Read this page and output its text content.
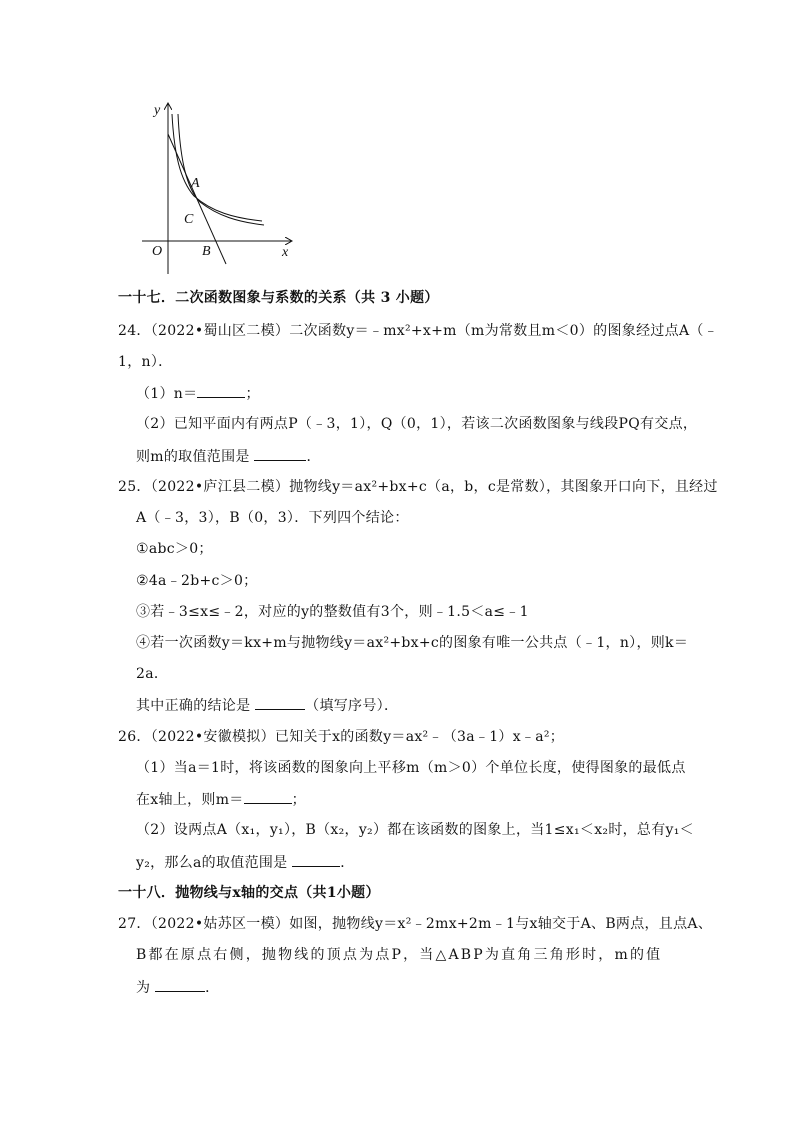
y
x
O
A
C
B
一十七．二次函数图象与系数的关系（共 3 小题）
24．（2022•蜀山区二模）二次函数y＝﹣mx²+x+m（m为常数且m＜0）的图象经过点A（﹣
1，n）．
（1）n＝	；
（2）已知平面内有两点P（﹣3，1），Q（0，1），若该二次函数图象与线段PQ有交点，
则m的取值范围是	．
25．（2022•庐江县二模）抛物线y＝ax²+bx+c（a，b，c是常数），其图象开口向下，且经过
A（﹣3，3），B（0，3）．下列四个结论：
①abc＞0；
②4a﹣2b+c＞0；
③若﹣3≤x≤﹣2，对应的y的整数值有3个，则﹣1.5＜a≤﹣1
④若一次函数y＝kx+m与抛物线y＝ax²+bx+c的图象有唯一公共点（﹣1，n），则k＝
2a．
其中正确的结论是	（填写序号）．
26．（2022•安徽模拟）已知关于x的函数y＝ax²﹣（3a﹣1）x﹣a²；
（1）当a＝1时，将该函数的图象向上平移m（m＞0）个单位长度，使得图象的最低点
在x轴上，则m＝	；
（2）设两点A（x₁，y₁），B（x₂，y₂）都在该函数的图象上，当1≤x₁＜x₂时，总有y₁＜
y₂，那么a的取值范围是	．
一十八．抛物线与x轴的交点（共1小题）
27．（2022•姑苏区一模）如图，抛物线y＝x²﹣2mx+2m﹣1与x轴交于A、B两点，且点A、
B都在原点右侧，抛物线的顶点为点P，当△ABP为直角三角形时，m的值
为	．
